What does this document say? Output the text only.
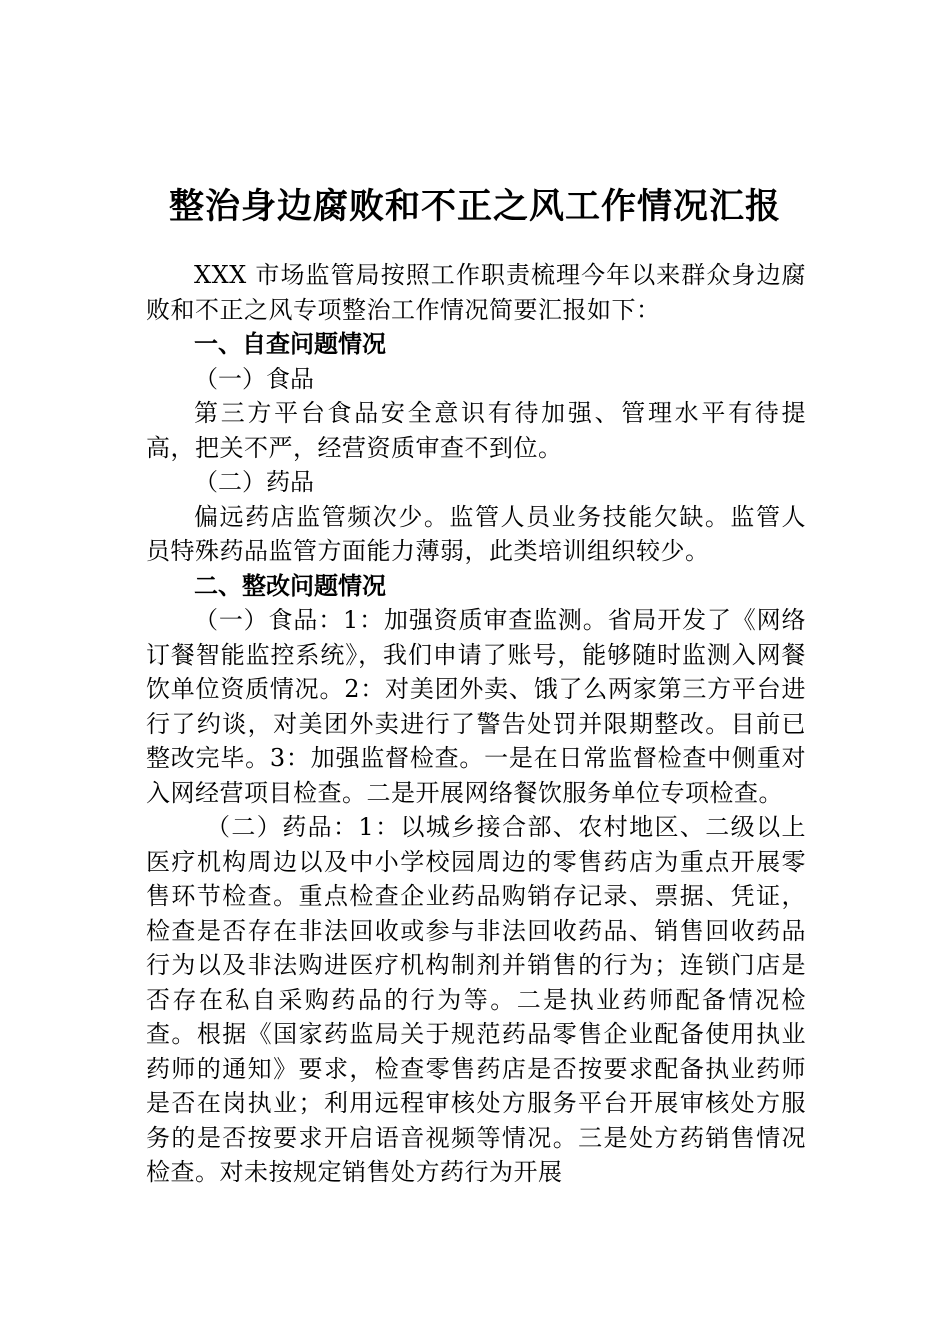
整治身边腐败和不正之风工作情况汇报

XXX 市场监管局按照工作职责梳理今年以来群众身边腐败和不正之风专项整治工作情况简要汇报如下：

一、自查问题情况

（一）食品

第三方平台食品安全意识有待加强、管理水平有待提高，把关不严，经营资质审查不到位。

（二）药品

偏远药店监管频次少。监管人员业务技能欠缺。监管人员特殊药品监管方面能力薄弱，此类培训组织较少。

二、整改问题情况

（一）食品：1：加强资质审查监测。省局开发了《网络订餐智能监控系统》，我们申请了账号，能够随时监测入网餐饮单位资质情况。2：对美团外卖、饿了么两家第三方平台进行了约谈，对美团外卖进行了警告处罚并限期整改。目前已整改完毕。3：加强监督检查。一是在日常监督检查中侧重对入网经营项目检查。二是开展网络餐饮服务单位专项检查。

（二）药品：1：以城乡接合部、农村地区、二级以上医疗机构周边以及中小学校园周边的零售药店为重点开展零售环节检查。重点检查企业药品购销存记录、票据、凭证，检查是否存在非法回收或参与非法回收药品、销售回收药品行为以及非法购进医疗机构制剂并销售的行为；连锁门店是否存在私自采购药品的行为等。二是执业药师配备情况检查。根据《国家药监局关于规范药品零售企业配备使用执业药师的通知》要求，检查零售药店是否按要求配备执业药师是否在岗执业；利用远程审核处方服务平台开展审核处方服务的是否按要求开启语音视频等情况。三是处方药销售情况检查。对未按规定销售处方药行为开展
